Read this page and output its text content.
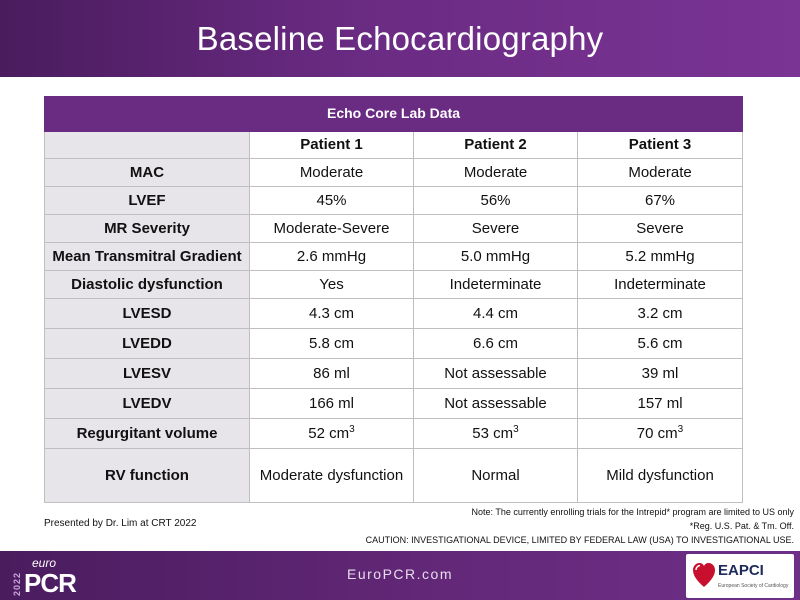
Baseline Echocardiography
Echo Core Lab Data			
	Patient 1	Patient 2	Patient 3
MAC	Moderate	Moderate	Moderate
LVEF	45%	56%	67%
MR Severity	Moderate-Severe	Severe	Severe
Mean Transmitral Gradient	2.6 mmHg	5.0 mmHg	5.2 mmHg
Diastolic dysfunction	Yes	Indeterminate	Indeterminate
LVESD	4.3 cm	4.4 cm	3.2 cm
LVEDD	5.8 cm	6.6 cm	5.6 cm
LVESV	86 ml	Not assessable	39 ml
LVEDV	166 ml	Not assessable	157 ml
Regurgitant volume	52 $cm^3$	53 $cm^3$	70 $cm^3$
RV function	Moderate dysfunction	Normal	Mild dysfunction
Presented by Dr. Lim at CRT 2022
Note: The currently enrolling trials for the Intrepid* program are limited to US only
*Reg. U.S. Pat. & Tm. Off.
CAUTION: INVESTIGATIONAL DEVICE, LIMITED BY FEDERAL LAW (USA) TO INVESTIGATIONAL USE.
2022
euro
PCR	EuroPCR.com	EAPCI
European Society of Cardiology
